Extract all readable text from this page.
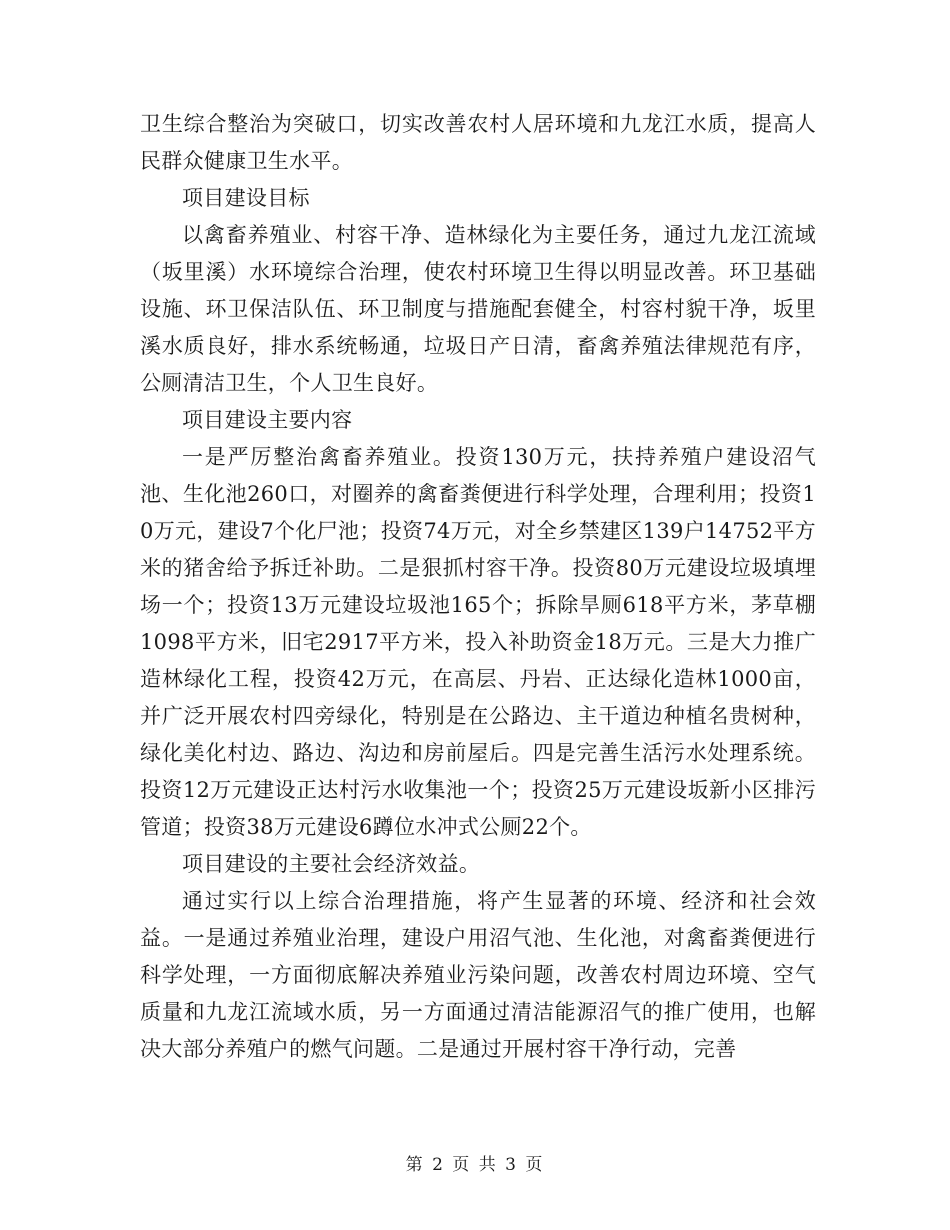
卫生综合整治为突破口，切实改善农村人居环境和九龙江水质，提高人民群众健康卫生水平。

项目建设目标

以禽畜养殖业、村容干净、造林绿化为主要任务，通过九龙江流域（坂里溪）水环境综合治理，使农村环境卫生得以明显改善。环卫基础设施、环卫保洁队伍、环卫制度与措施配套健全，村容村貌干净，坂里溪水质良好，排水系统畅通，垃圾日产日清，畜禽养殖法律规范有序，公厕清洁卫生，个人卫生良好。

项目建设主要内容

一是严厉整治禽畜养殖业。投资130万元，扶持养殖户建设沼气池、生化池260口，对圈养的禽畜粪便进行科学处理，合理利用；投资10万元，建设7个化尸池；投资74万元，对全乡禁建区139户14752平方米的猪舍给予拆迁补助。二是狠抓村容干净。投资80万元建设垃圾填埋场一个；投资13万元建设垃圾池165个；拆除旱厕618平方米，茅草棚1098平方米，旧宅2917平方米，投入补助资金18万元。三是大力推广造林绿化工程，投资42万元，在高层、丹岩、正达绿化造林1000亩，并广泛开展农村四旁绿化，特别是在公路边、主干道边种植名贵树种，绿化美化村边、路边、沟边和房前屋后。四是完善生活污水处理系统。投资12万元建设正达村污水收集池一个；投资25万元建设坂新小区排污管道；投资38万元建设6蹲位水冲式公厕22个。

项目建设的主要社会经济效益。

通过实行以上综合治理措施，将产生显著的环境、经济和社会效益。一是通过养殖业治理，建设户用沼气池、生化池，对禽畜粪便进行科学处理，一方面彻底解决养殖业污染问题，改善农村周边环境、空气质量和九龙江流域水质，另一方面通过清洁能源沼气的推广使用，也解决大部分养殖户的燃气问题。二是通过开展村容干净行动，完善

第 2 页 共 3 页
